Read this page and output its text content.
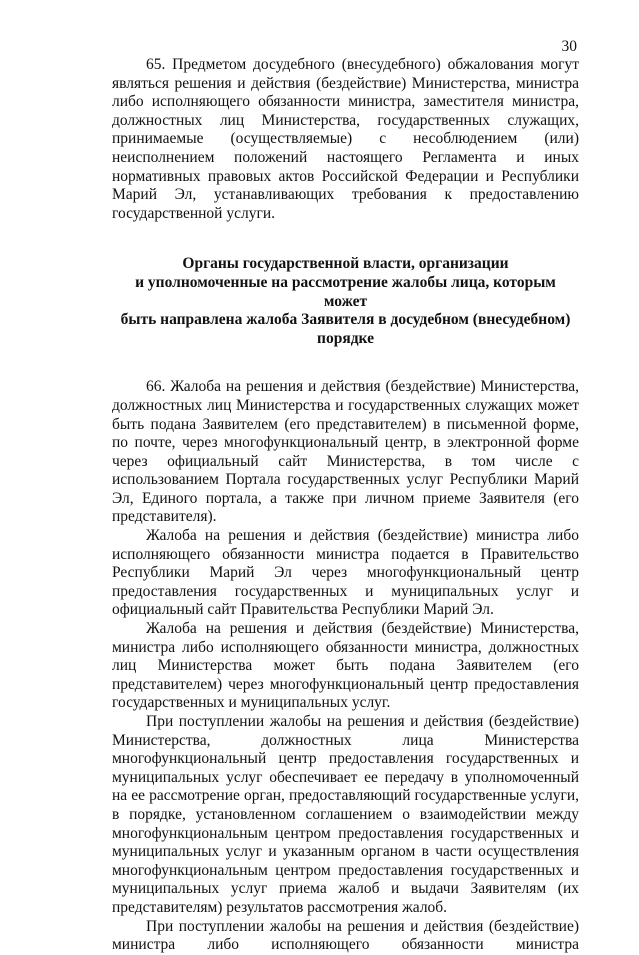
30

65. Предметом досудебного (внесудебного) обжалования могут являться решения и действия (бездействие) Министерства, министра либо исполняющего обязанности министра, заместителя министра, должностных лиц Министерства, государственных служащих, принимаемые (осуществляемые) с несоблюдением (или) неисполнением положений настоящего Регламента и иных нормативных правовых актов Российской Федерации и Республики Марий Эл, устанавливающих требования к предоставлению государственной услуги.

Органы государственной власти, организации
и уполномоченные на рассмотрение жалобы лица, которым может
быть направлена жалоба Заявителя в досудебном (внесудебном)
порядке

66. Жалоба на решения и действия (бездействие) Министерства, должностных лиц Министерства и государственных служащих может быть подана Заявителем (его представителем) в письменной форме, по почте, через многофункциональный центр, в электронной форме через официальный сайт Министерства, в том числе с использованием Портала государственных услуг Республики Марий Эл, Единого портала, а также при личном приеме Заявителя (его представителя).

Жалоба на решения и действия (бездействие) министра либо исполняющего обязанности министра подается в Правительство Республики Марий Эл через многофункциональный центр предоставления государственных и муниципальных услуг и официальный сайт Правительства Республики Марий Эл.

Жалоба на решения и действия (бездействие) Министерства, министра либо исполняющего обязанности министра, должностных лиц Министерства может быть подана Заявителем (его представителем) через многофункциональный центр предоставления государственных и муниципальных услуг.

При поступлении жалобы на решения и действия (бездействие) Министерства, должностных лица Министерства многофункциональный центр предоставления государственных и муниципальных услуг обеспечивает ее передачу в уполномоченный на ее рассмотрение орган, предоставляющий государственные услуги, в порядке, установленном соглашением о взаимодействии между многофункциональным центром предоставления государственных и муниципальных услуг и указанным органом в части осуществления многофункциональным центром предоставления государственных и муниципальных услуг приема жалоб и выдачи Заявителям (их представителям) результатов рассмотрения жалоб.

При поступлении жалобы на решения и действия (бездействие) министра либо исполняющего обязанности министра
